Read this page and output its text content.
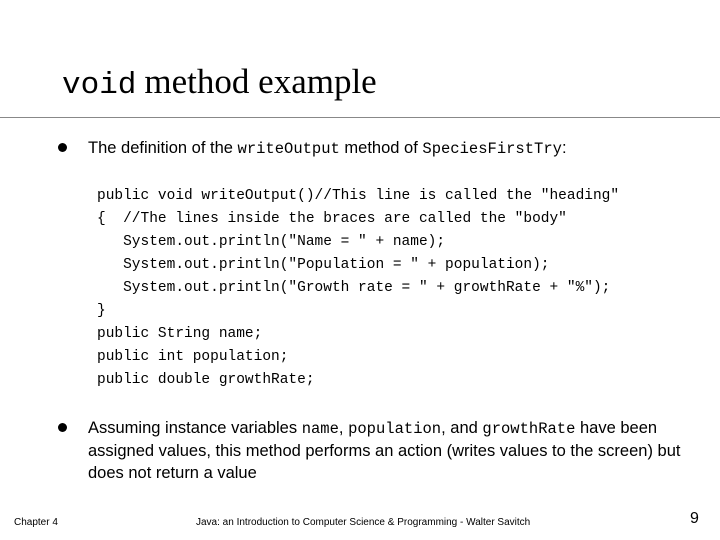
void method example
The definition of the writeOutput method of SpeciesFirstTry:
public void writeOutput()//This line is called the "heading"
{  //The lines inside the braces are called the "body"
System.out.println("Name = " + name);
System.out.println("Population = " + population);
System.out.println("Growth rate = " + growthRate + "%");
}
public String name;
public int population;
public double growthRate;
Assuming instance variables name, population, and growthRate have been assigned values, this method performs an action (writes values to the screen) but does not return a value
Chapter 4	Java: an Introduction to Computer Science & Programming - Walter Savitch	9
